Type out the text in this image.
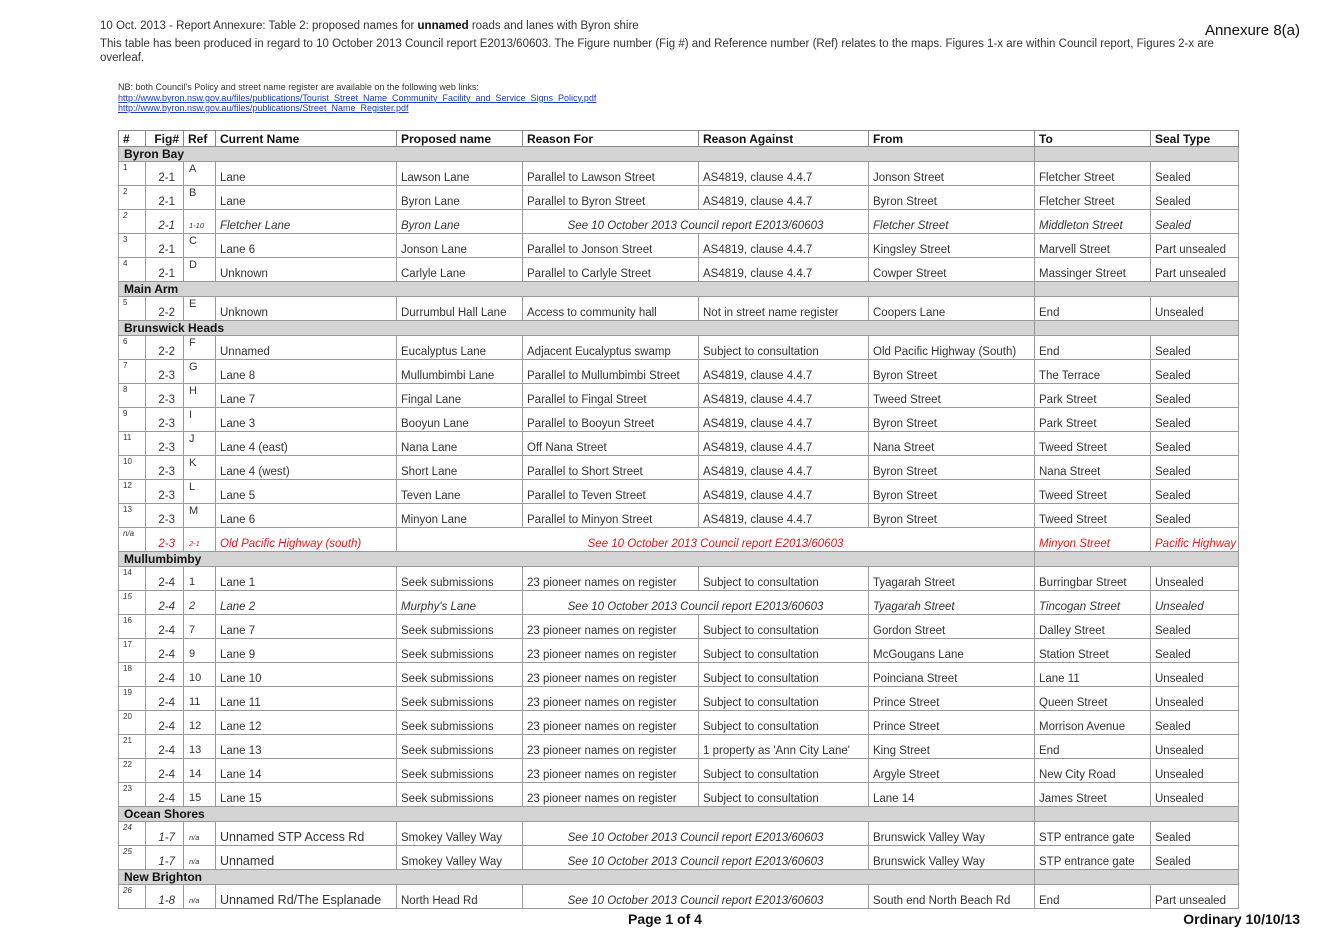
10 Oct. 2013 - Report Annexure: Table 2: proposed names for unnamed roads and lanes with Byron shire	Annexure 8(a)
This table has been produced in regard to 10 October 2013 Council report E2013/60603. The Figure number (Fig #) and Reference number (Ref) relates to the maps. Figures 1-x are within Council report, Figures 2-x are overleaf.
NB: both Council's Policy and street name register are available on the following web links:
http://www.byron.nsw.gov.au/files/publications/Tourist_Street_Name_Community_Facility_and_Service_Signs_Policy.pdf
http://www.byron.nsw.gov.au/files/publications/Street_Name_Register.pdf
#	Fig#	Ref	Current Name	Proposed name	Reason For	Reason Against	From	To	Seal Type	
Byron Bay										

1	2-1	A	Lane	Lawson Lane	Parallel to Lawson Street	AS4819, clause 4.4.7	Jonson Street	Fletcher Street	Sealed	

2	2-1	B	Lane	Byron Lane	Parallel to Byron Street	AS4819, clause 4.4.7	Byron Street	Fletcher Street	Sealed	

2	2-1	1-10	Fletcher Lane	Byron Lane	See 10 October 2013 Council report E2013/60603		Fletcher Street	Middleton Street	Sealed	

3	2-1	C	Lane 6	Jonson Lane	Parallel to Jonson Street	AS4819, clause 4.4.7	Kingsley Street	Marvell Street	Part unsealed	

4	2-1	D	Unknown	Carlyle Lane	Parallel to Carlyle Street	AS4819, clause 4.4.7	Cowper Street	Massinger Street	Part unsealed	
Main Arm										

5	2-2	E	Unknown	Durrumbul Hall Lane	Access to community hall	Not in street name register	Coopers Lane	End	Unsealed	
Brunswick Heads										

6	2-2	F	Unnamed	Eucalyptus Lane	Adjacent Eucalyptus swamp	Subject to consultation	Old Pacific Highway (South)	End	Sealed	

7	2-3	G	Lane 8	Mullumbimbi Lane	Parallel to Mullumbimbi Street	AS4819, clause 4.4.7	Byron Street	The Terrace	Sealed	

8	2-3	H	Lane 7	Fingal Lane	Parallel to Fingal Street	AS4819, clause 4.4.7	Tweed Street	Park Street	Sealed	

9	2-3	I	Lane 3	Booyun Lane	Parallel to Booyun Street	AS4819, clause 4.4.7	Byron Street	Park Street	Sealed	

11	2-3	J	Lane 4 (east)	Nana Lane	Off Nana Street	AS4819, clause 4.4.7	Nana Street	Tweed Street	Sealed	

10	2-3	K	Lane 4 (west)	Short Lane	Parallel to Short Street	AS4819, clause 4.4.7	Byron Street	Nana Street	Sealed	

12	2-3	L	Lane 5	Teven Lane	Parallel to Teven Street	AS4819, clause 4.4.7	Byron Street	Tweed Street	Sealed	

13	2-3	M	Lane 6	Minyon Lane	Parallel to Minyon Street	AS4819, clause 4.4.7	Byron Street	Tweed Street	Sealed	

n/a	2-3	2-1	Old Pacific Highway (south)	See 10 October 2013 Council report E2013/60603				Minyon Street	Pacific Highway	
Mullumbimby										

14	2-4	1	Lane 1	Seek submissions	23 pioneer names on register	Subject to consultation	Tyagarah Street	Burringbar Street	Unsealed	

15	2-4	2	Lane 2	Murphy's Lane	See 10 October 2013 Council report E2013/60603		Tyagarah Street	Tincogan Street	Unsealed	

16	2-4	7	Lane 7	Seek submissions	23 pioneer names on register	Subject to consultation	Gordon Street	Dalley Street	Sealed	

17	2-4	9	Lane 9	Seek submissions	23 pioneer names on register	Subject to consultation	McGougans Lane	Station Street	Sealed	

18	2-4	10	Lane 10	Seek submissions	23 pioneer names on register	Subject to consultation	Poinciana Street	Lane 11	Unsealed	

19	2-4	11	Lane 11	Seek submissions	23 pioneer names on register	Subject to consultation	Prince Street	Queen Street	Unsealed	

20	2-4	12	Lane 12	Seek submissions	23 pioneer names on register	Subject to consultation	Prince Street	Morrison Avenue	Sealed	

21	2-4	13	Lane 13	Seek submissions	23 pioneer names on register	1 property as 'Ann City Lane'	King Street	End	Unsealed	

22	2-4	14	Lane 14	Seek submissions	23 pioneer names on register	Subject to consultation	Argyle Street	New City Road	Unsealed	

23	2-4	15	Lane 15	Seek submissions	23 pioneer names on register	Subject to consultation	Lane 14	James Street	Unsealed	
Ocean Shores										

24	1-7	n/a	Unnamed STP Access Rd	Smokey Valley Way	See 10 October 2013 Council report E2013/60603		Brunswick Valley Way	STP entrance gate	Sealed	

25	1-7	n/a	Unnamed	Smokey Valley Way	See 10 October 2013 Council report E2013/60603		Brunswick Valley Way	STP entrance gate	Sealed	
New Brighton										

26	1-8	n/a	Unnamed Rd/The Esplanade	North Head Rd	See 10 October 2013 Council report E2013/60603		South end North Beach Rd	End	Part unsealed	
Page 1 of 4	Ordinary 10/10/13
